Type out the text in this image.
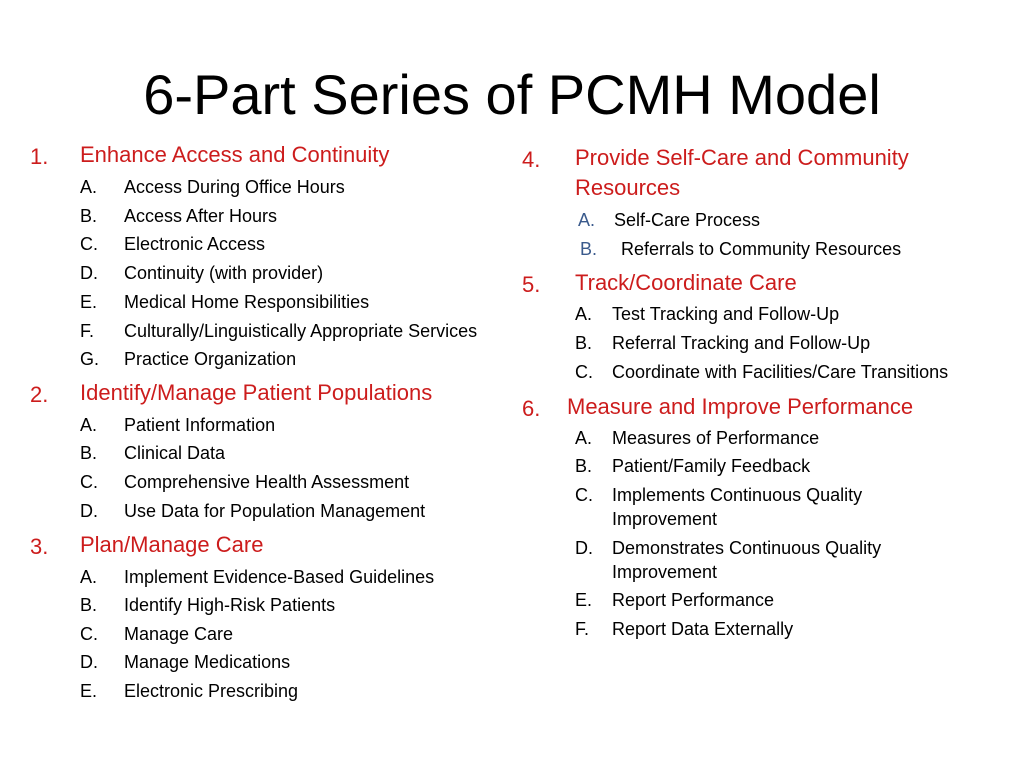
6-Part Series of PCMH Model
1. Enhance Access and Continuity
A. Access During Office Hours
B. Access After Hours
C. Electronic Access
D. Continuity (with provider)
E. Medical Home Responsibilities
F. Culturally/Linguistically Appropriate Services
G. Practice Organization
2. Identify/Manage Patient Populations
A. Patient Information
B. Clinical Data
C. Comprehensive Health Assessment
D. Use Data for Population Management
3. Plan/Manage Care
A. Implement Evidence-Based Guidelines
B. Identify High-Risk Patients
C. Manage Care
D. Manage Medications
E. Electronic Prescribing
4. Provide Self-Care and Community Resources
A. Self-Care Process
B. Referrals to Community Resources
5. Track/Coordinate Care
A. Test Tracking and Follow-Up
B. Referral Tracking and Follow-Up
C. Coordinate with Facilities/Care Transitions
6. Measure and Improve Performance
A. Measures of Performance
B. Patient/Family Feedback
C. Implements Continuous Quality Improvement
D. Demonstrates Continuous Quality Improvement
E. Report Performance
F. Report Data Externally
